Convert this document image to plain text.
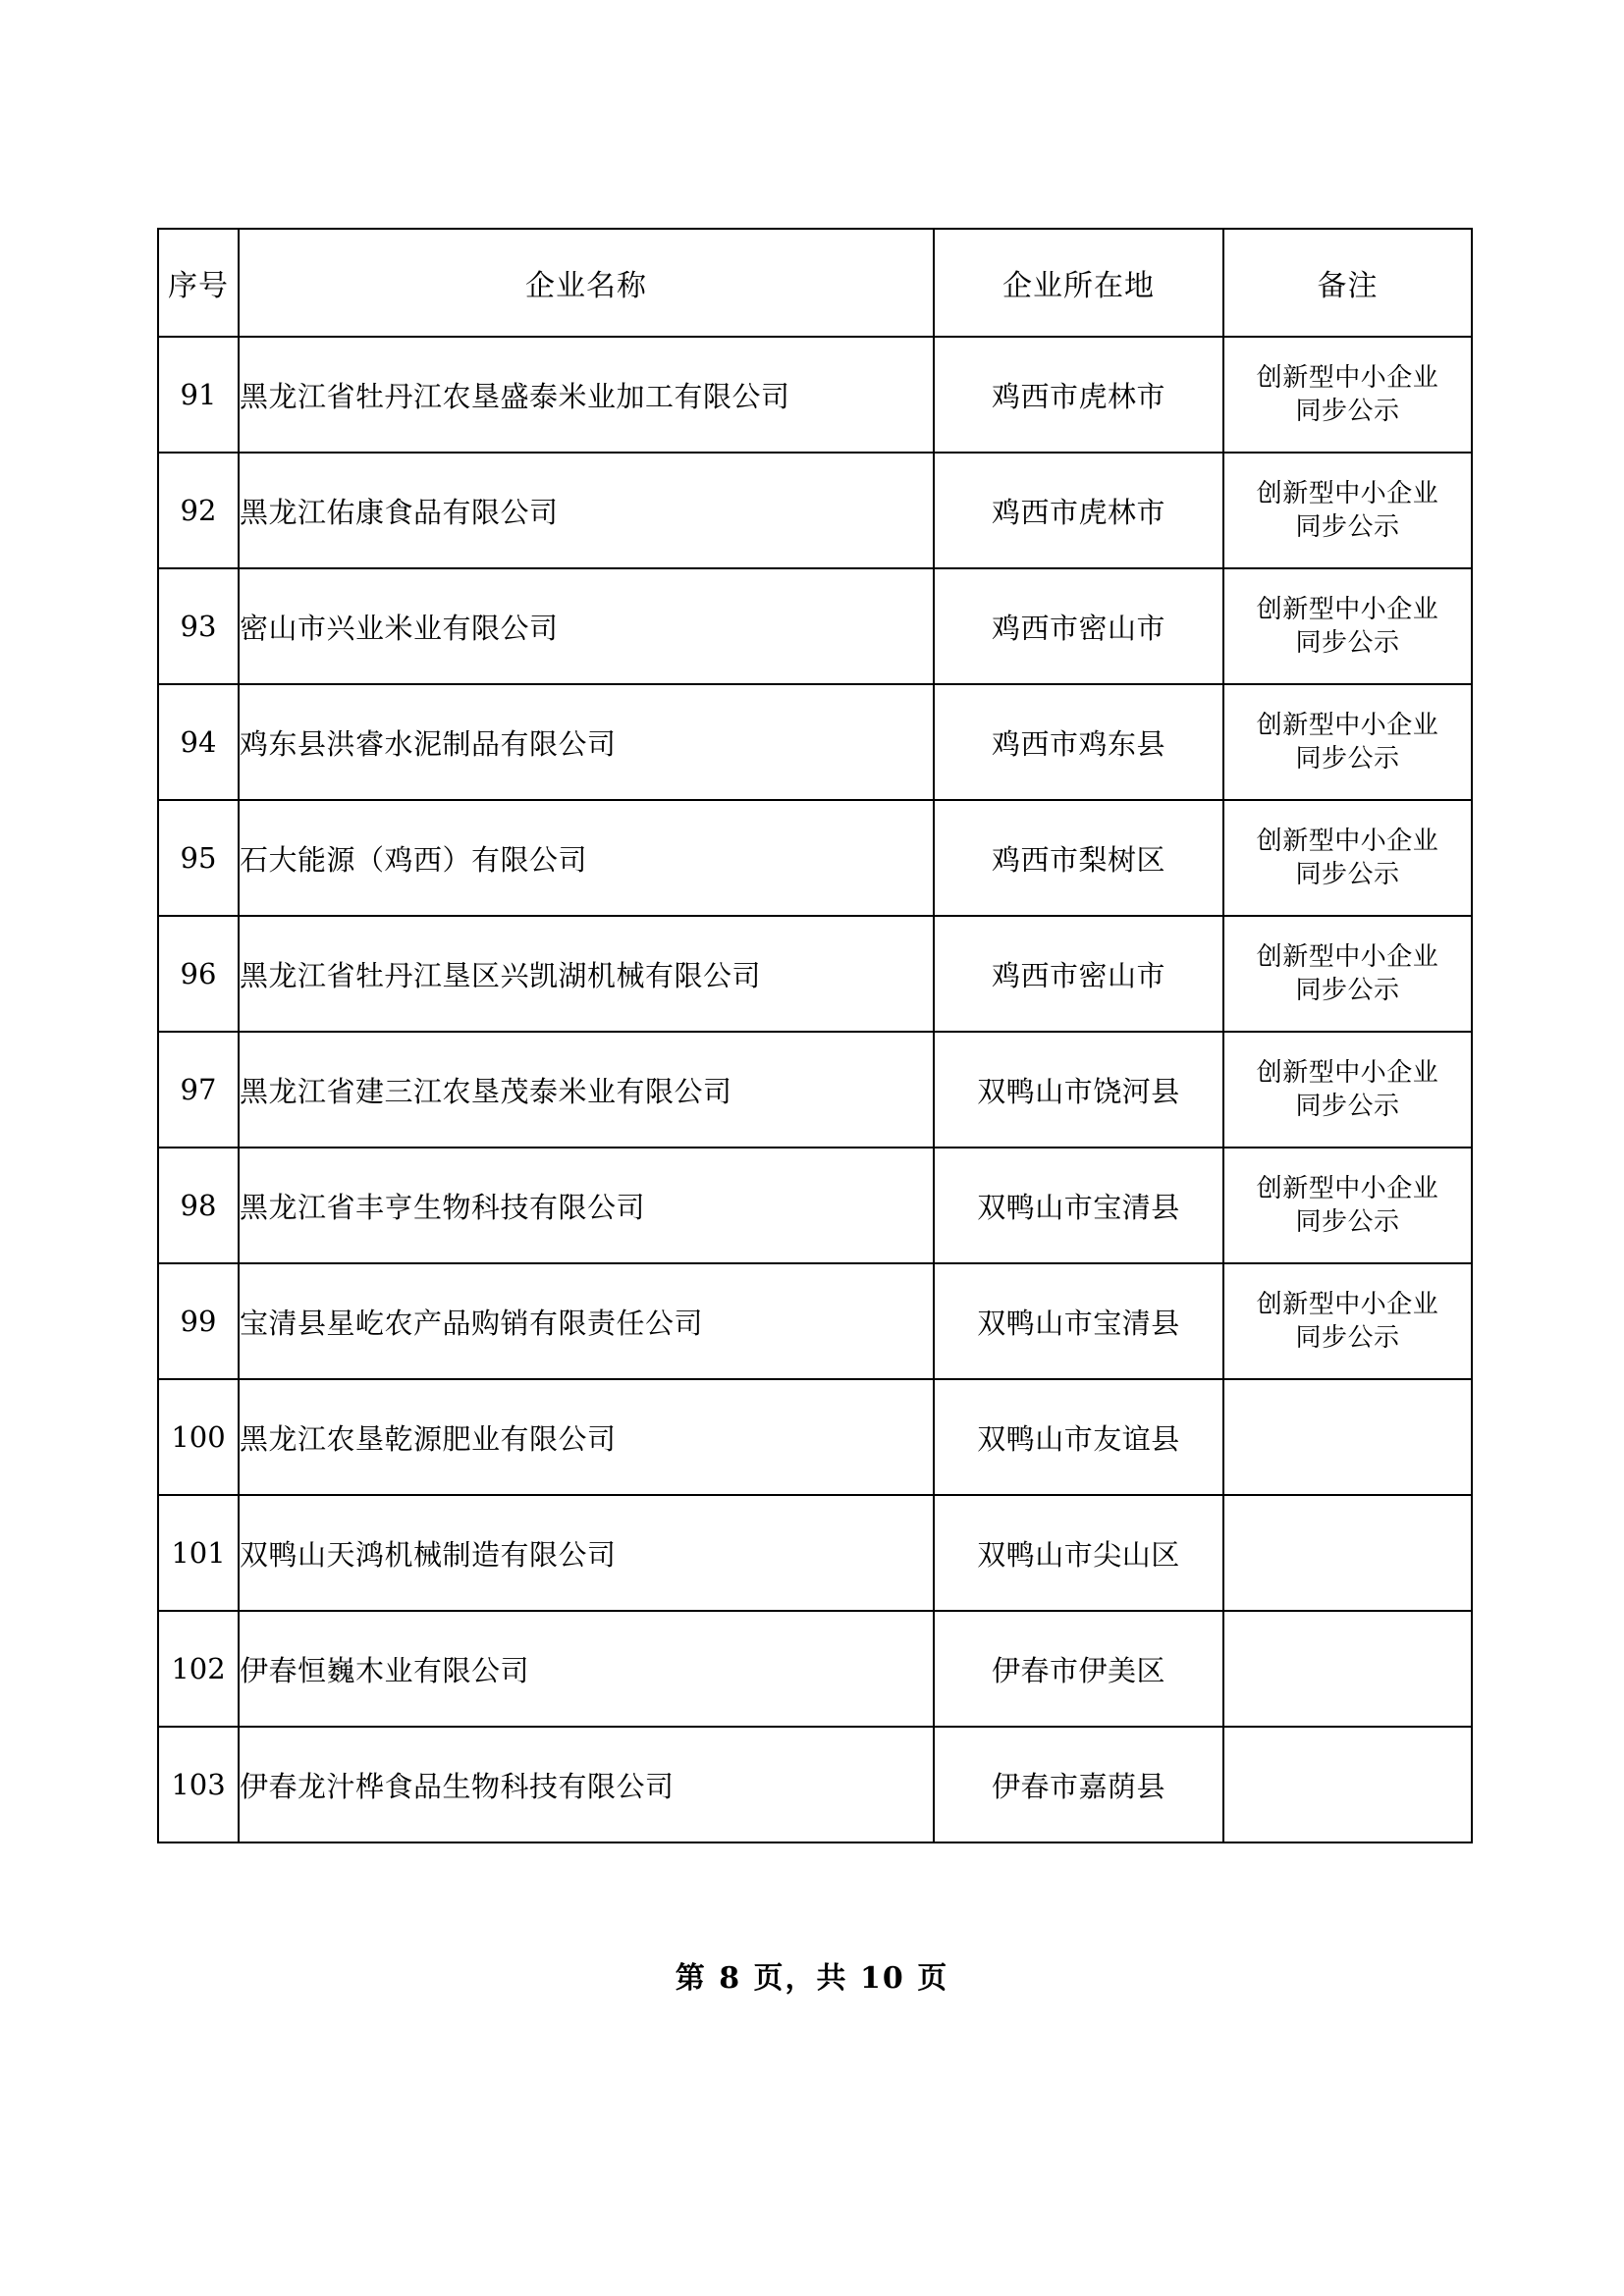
序号	企业名称	企业所在地	备注
91	黑龙江省牡丹江农垦盛泰米业加工有限公司	鸡西市虎林市	创新型中小企业
同步公示

92	黑龙江佑康食品有限公司	鸡西市虎林市	创新型中小企业
同步公示

93	密山市兴业米业有限公司	鸡西市密山市	创新型中小企业
同步公示

94	鸡东县洪睿水泥制品有限公司	鸡西市鸡东县	创新型中小企业
同步公示

95	石大能源（鸡西）有限公司	鸡西市梨树区	创新型中小企业
同步公示

96	黑龙江省牡丹江垦区兴凯湖机械有限公司	鸡西市密山市	创新型中小企业
同步公示

97	黑龙江省建三江农垦茂泰米业有限公司	双鸭山市饶河县	创新型中小企业
同步公示

98	黑龙江省丰亨生物科技有限公司	双鸭山市宝清县	创新型中小企业
同步公示

99	宝清县星屹农产品购销有限责任公司	双鸭山市宝清县	创新型中小企业
同步公示

100	黑龙江农垦乾源肥业有限公司	双鸭山市友谊县	

101	双鸭山天鸿机械制造有限公司	双鸭山市尖山区	

102	伊春恒巍木业有限公司	伊春市伊美区	

103	伊春龙汁桦食品生物科技有限公司	伊春市嘉荫县	
第 8 页，共 10 页
